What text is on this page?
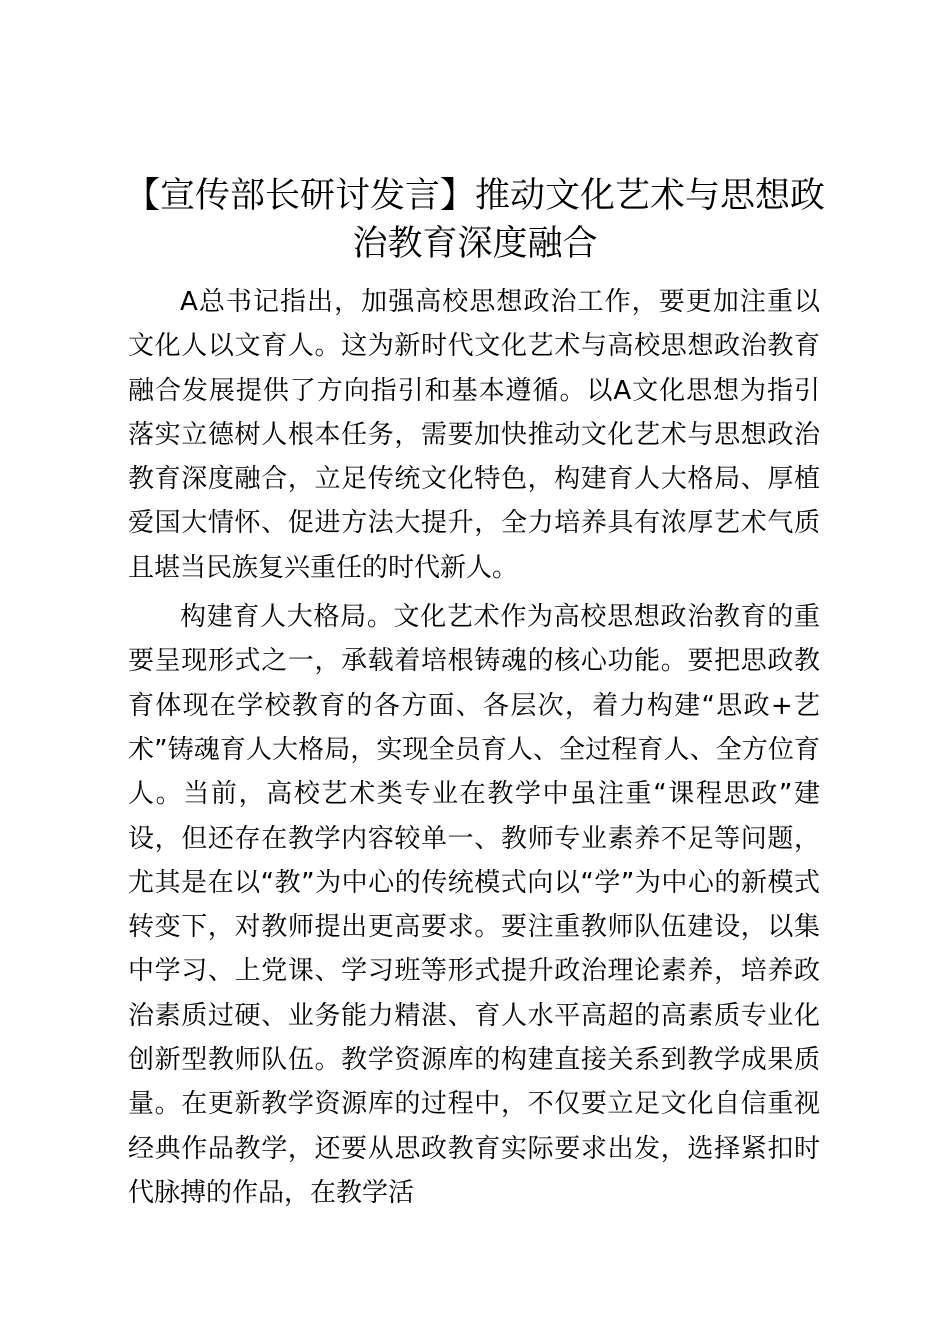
【宣传部长研讨发言】推动文化艺术与思想政治教育深度融合

A总书记指出，加强高校思想政治工作，要更加注重以文化人以文育人。这为新时代文化艺术与高校思想政治教育融合发展提供了方向指引和基本遵循。以A文化思想为指引落实立德树人根本任务，需要加快推动文化艺术与思想政治教育深度融合，立足传统文化特色，构建育人大格局、厚植爱国大情怀、促进方法大提升，全力培养具有浓厚艺术气质且堪当民族复兴重任的时代新人。

构建育人大格局。文化艺术作为高校思想政治教育的重要呈现形式之一，承载着培根铸魂的核心功能。要把思政教育体现在学校教育的各方面、各层次，着力构建“思政+艺术”铸魂育人大格局，实现全员育人、全过程育人、全方位育人。当前，高校艺术类专业在教学中虽注重“课程思政”建设，但还存在教学内容较单一、教师专业素养不足等问题，尤其是在以“教”为中心的传统模式向以“学”为中心的新模式转变下，对教师提出更高要求。要注重教师队伍建设，以集中学习、上党课、学习班等形式提升政治理论素养，培养政治素质过硬、业务能力精湛、育人水平高超的高素质专业化创新型教师队伍。教学资源库的构建直接关系到教学成果质量。在更新教学资源库的过程中，不仅要立足文化自信重视经典作品教学，还要从思政教育实际要求出发，选择紧扣时代脉搏的作品，在教学活
